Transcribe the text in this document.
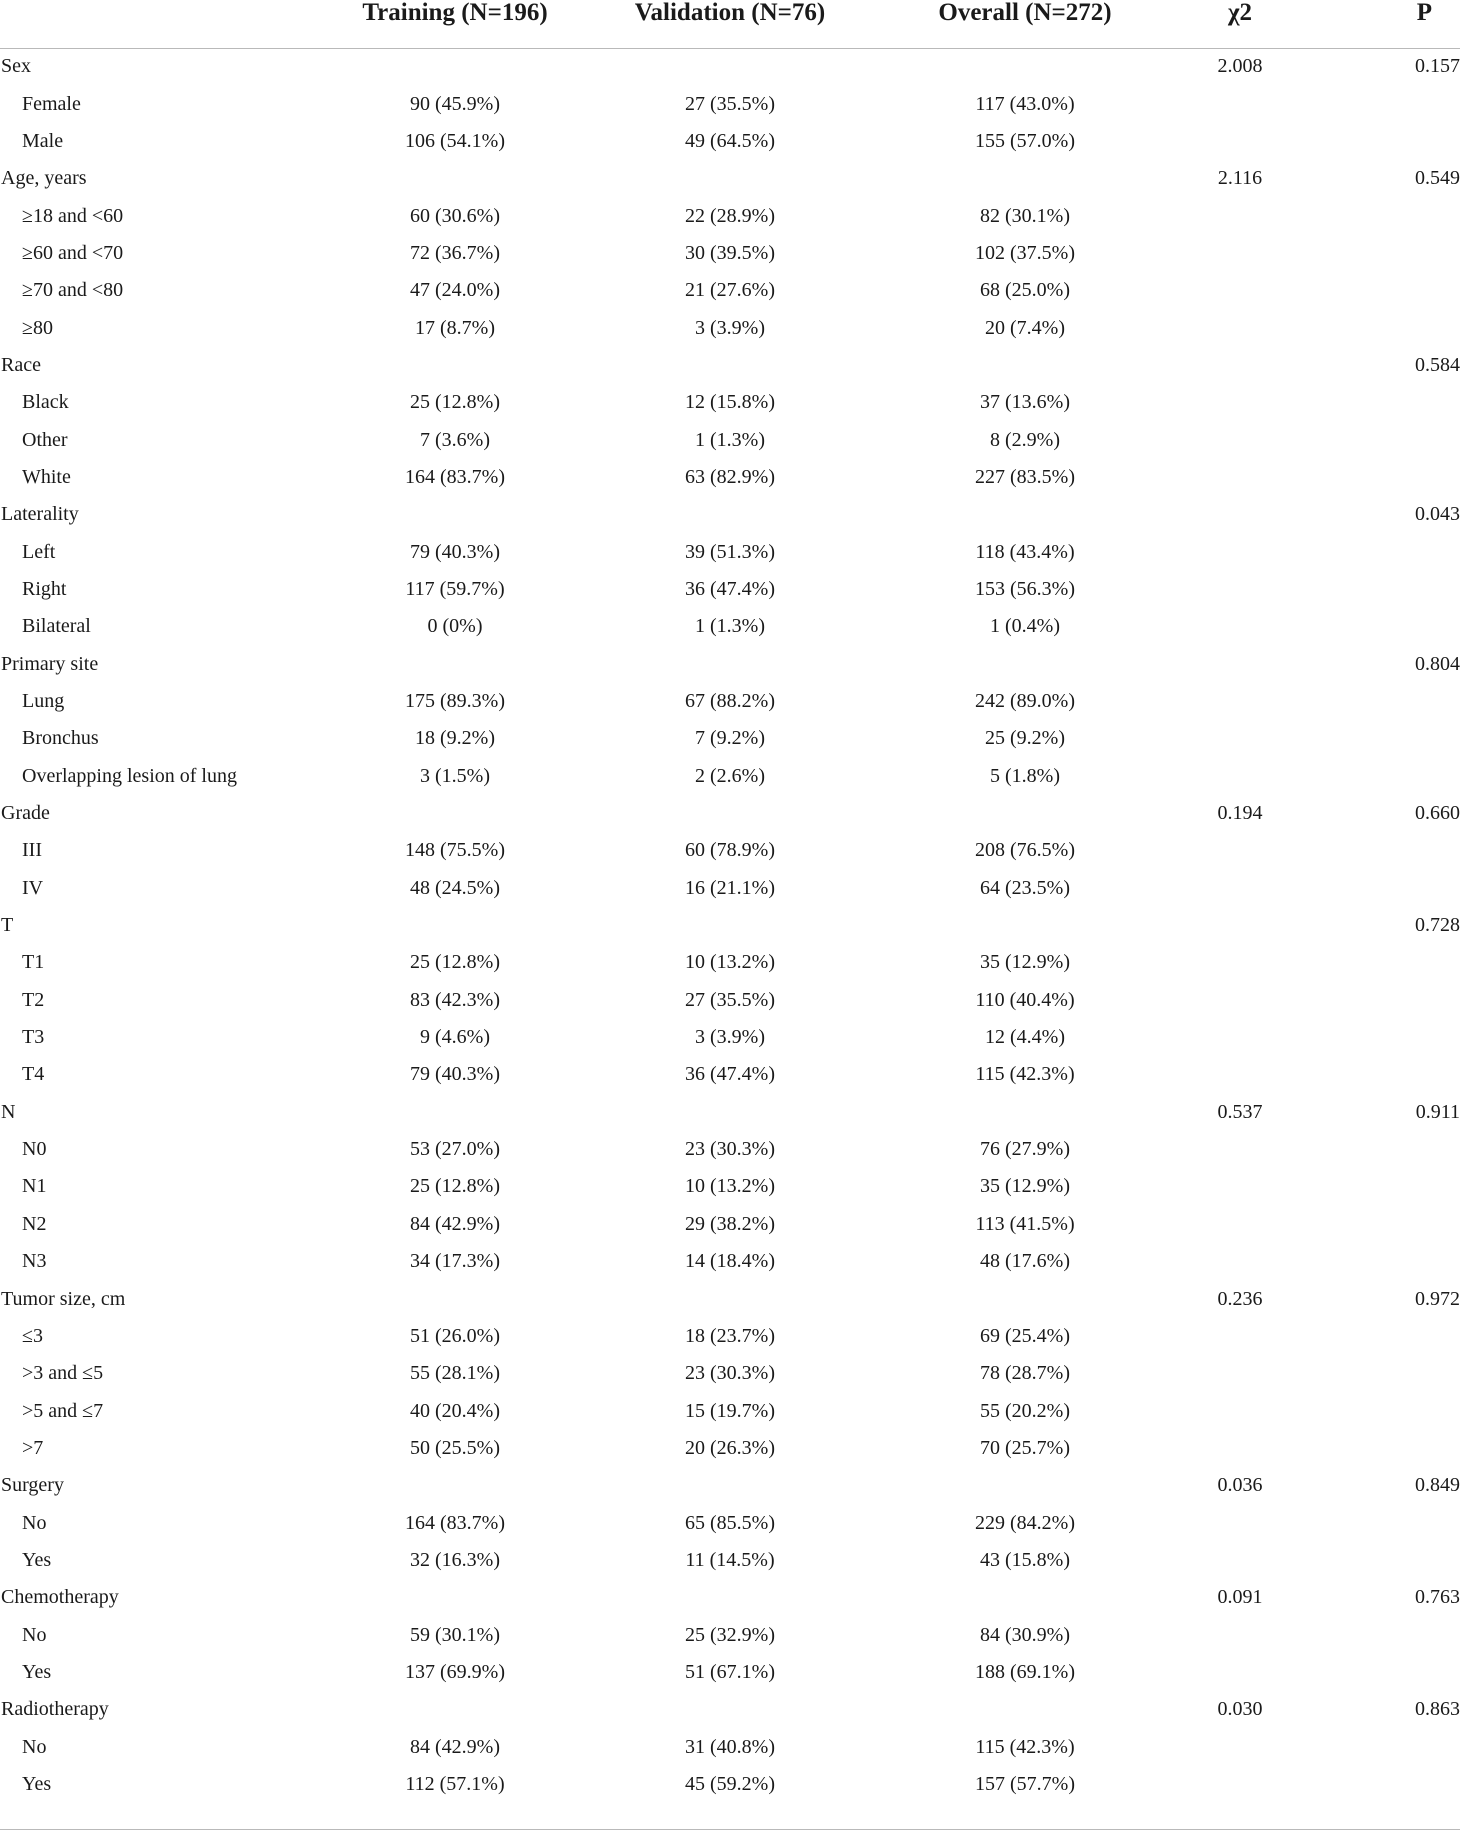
	Training (N=196)	Validation (N=76)	Overall (N=272)	χ2	P
Sex				2.008	0.157
Female	90 (45.9%)	27 (35.5%)	117 (43.0%)		
Male	106 (54.1%)	49 (64.5%)	155 (57.0%)		
Age, years				2.116	0.549
≥18 and <60	60 (30.6%)	22 (28.9%)	82 (30.1%)		
≥60 and <70	72 (36.7%)	30 (39.5%)	102 (37.5%)		
≥70 and <80	47 (24.0%)	21 (27.6%)	68 (25.0%)		
≥80	17 (8.7%)	3 (3.9%)	20 (7.4%)		
Race					0.584
Black	25 (12.8%)	12 (15.8%)	37 (13.6%)		
Other	7 (3.6%)	1 (1.3%)	8 (2.9%)		
White	164 (83.7%)	63 (82.9%)	227 (83.5%)		
Laterality					0.043
Left	79 (40.3%)	39 (51.3%)	118 (43.4%)		
Right	117 (59.7%)	36 (47.4%)	153 (56.3%)		
Bilateral	0 (0%)	1 (1.3%)	1 (0.4%)		
Primary site					0.804
Lung	175 (89.3%)	67 (88.2%)	242 (89.0%)		
Bronchus	18 (9.2%)	7 (9.2%)	25 (9.2%)		
Overlapping lesion of lung	3 (1.5%)	2 (2.6%)	5 (1.8%)		
Grade				0.194	0.660
III	148 (75.5%)	60 (78.9%)	208 (76.5%)		
IV	48 (24.5%)	16 (21.1%)	64 (23.5%)		
T					0.728
T1	25 (12.8%)	10 (13.2%)	35 (12.9%)		
T2	83 (42.3%)	27 (35.5%)	110 (40.4%)		
T3	9 (4.6%)	3 (3.9%)	12 (4.4%)		
T4	79 (40.3%)	36 (47.4%)	115 (42.3%)		
N				0.537	0.911
N0	53 (27.0%)	23 (30.3%)	76 (27.9%)		
N1	25 (12.8%)	10 (13.2%)	35 (12.9%)		
N2	84 (42.9%)	29 (38.2%)	113 (41.5%)		
N3	34 (17.3%)	14 (18.4%)	48 (17.6%)		
Tumor size, cm				0.236	0.972
≤3	51 (26.0%)	18 (23.7%)	69 (25.4%)		
>3 and ≤5	55 (28.1%)	23 (30.3%)	78 (28.7%)		
>5 and ≤7	40 (20.4%)	15 (19.7%)	55 (20.2%)		
>7	50 (25.5%)	20 (26.3%)	70 (25.7%)		
Surgery				0.036	0.849
No	164 (83.7%)	65 (85.5%)	229 (84.2%)		
Yes	32 (16.3%)	11 (14.5%)	43 (15.8%)		
Chemotherapy				0.091	0.763
No	59 (30.1%)	25 (32.9%)	84 (30.9%)		
Yes	137 (69.9%)	51 (67.1%)	188 (69.1%)		
Radiotherapy				0.030	0.863
No	84 (42.9%)	31 (40.8%)	115 (42.3%)		
Yes	112 (57.1%)	45 (59.2%)	157 (57.7%)		
